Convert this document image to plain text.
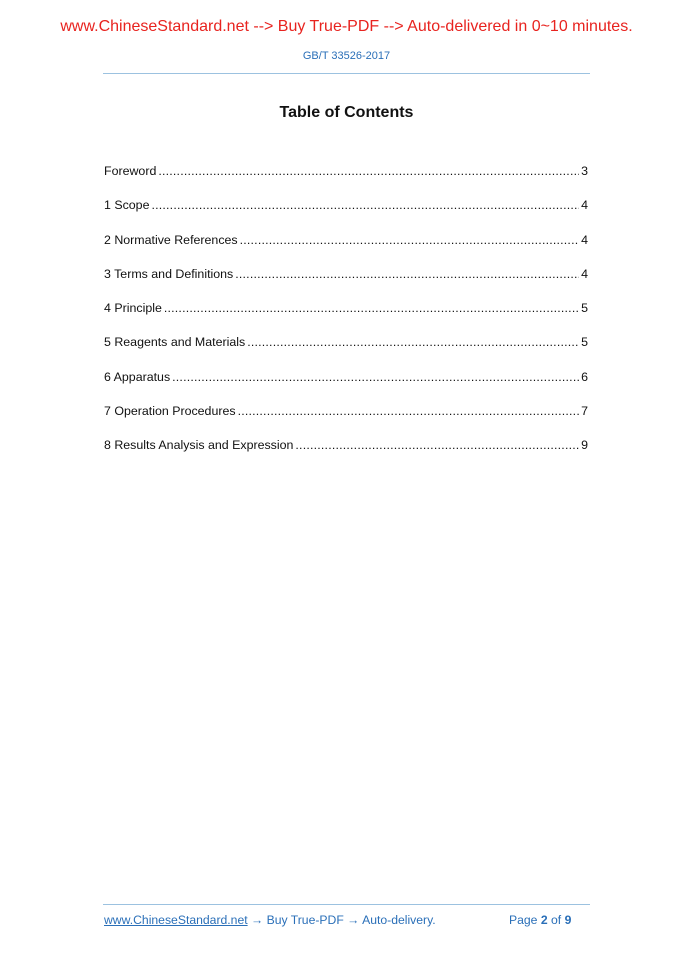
www.ChineseStandard.net --> Buy True-PDF --> Auto-delivered in 0~10 minutes.
GB/T 33526-2017
Table of Contents
Foreword .....	3
1 Scope .....	4
2 Normative References .....	4
3 Terms and Definitions .....	4
4 Principle .....	5
5 Reagents and Materials .....	5
6 Apparatus .....	6
7 Operation Procedures .....	7
8 Results Analysis and Expression .....	9
www.ChineseStandard.net → Buy True-PDF → Auto-delivery.	Page 2 of 9
